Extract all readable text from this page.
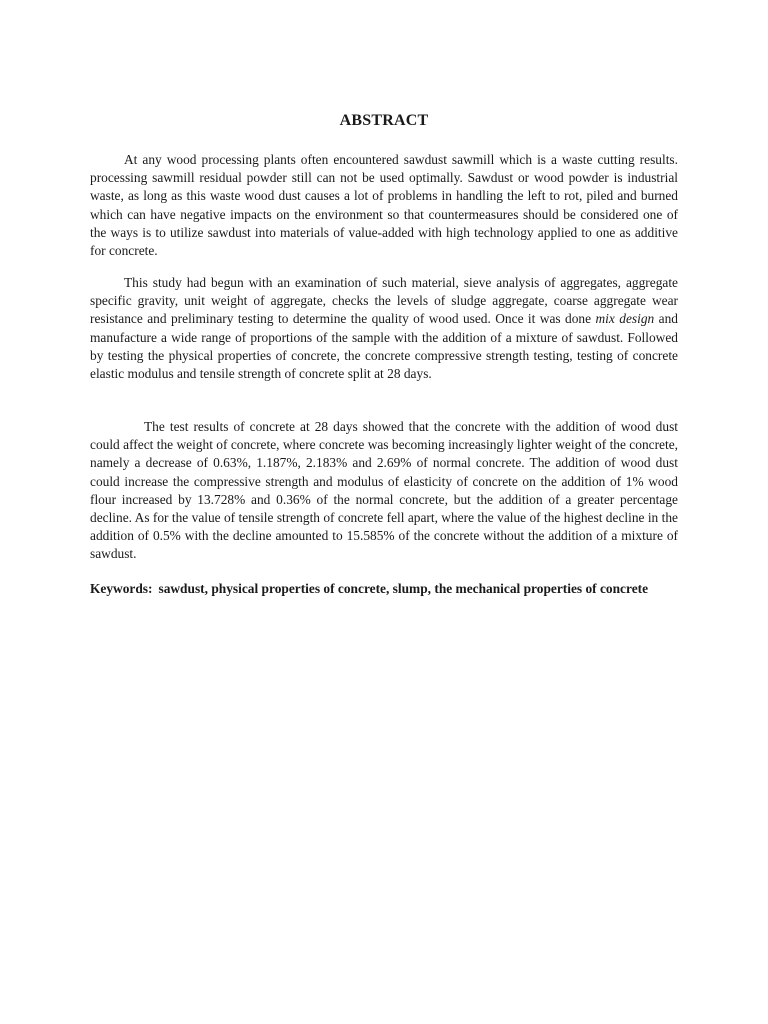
ABSTRACT

At any wood processing plants often encountered sawdust sawmill which is a waste cutting results. processing sawmill residual powder still can not be used optimally. Sawdust or wood powder is industrial waste, as long as this waste wood dust causes a lot of problems in handling the left to rot, piled and burned which can have negative impacts on the environment so that countermeasures should be considered one of the ways is to utilize sawdust into materials of value-added with high technology applied to one as additive for concrete.

This study had begun with an examination of such material, sieve analysis of aggregates, aggregate specific gravity, unit weight of aggregate, checks the levels of sludge aggregate, coarse aggregate wear resistance and preliminary testing to determine the quality of wood used. Once it was done mix design and manufacture a wide range of proportions of the sample with the addition of a mixture of sawdust. Followed by testing the physical properties of concrete, the concrete compressive strength testing, testing of concrete elastic modulus and tensile strength of concrete split at 28 days.

The test results of concrete at 28 days showed that the concrete with the addition of wood dust could affect the weight of concrete, where concrete was becoming increasingly lighter weight of the concrete, namely a decrease of 0.63%, 1.187%, 2.183% and 2.69% of normal concrete. The addition of wood dust could increase the compressive strength and modulus of elasticity of concrete on the addition of 1% wood flour increased by 13.728% and 0.36% of the normal concrete, but the addition of a greater percentage decline. As for the value of tensile strength of concrete fell apart, where the value of the highest decline in the addition of 0.5% with the decline amounted to 15.585% of the concrete without the addition of a mixture of sawdust.

Keywords: sawdust, physical properties of concrete, slump, the mechanical properties of concrete
